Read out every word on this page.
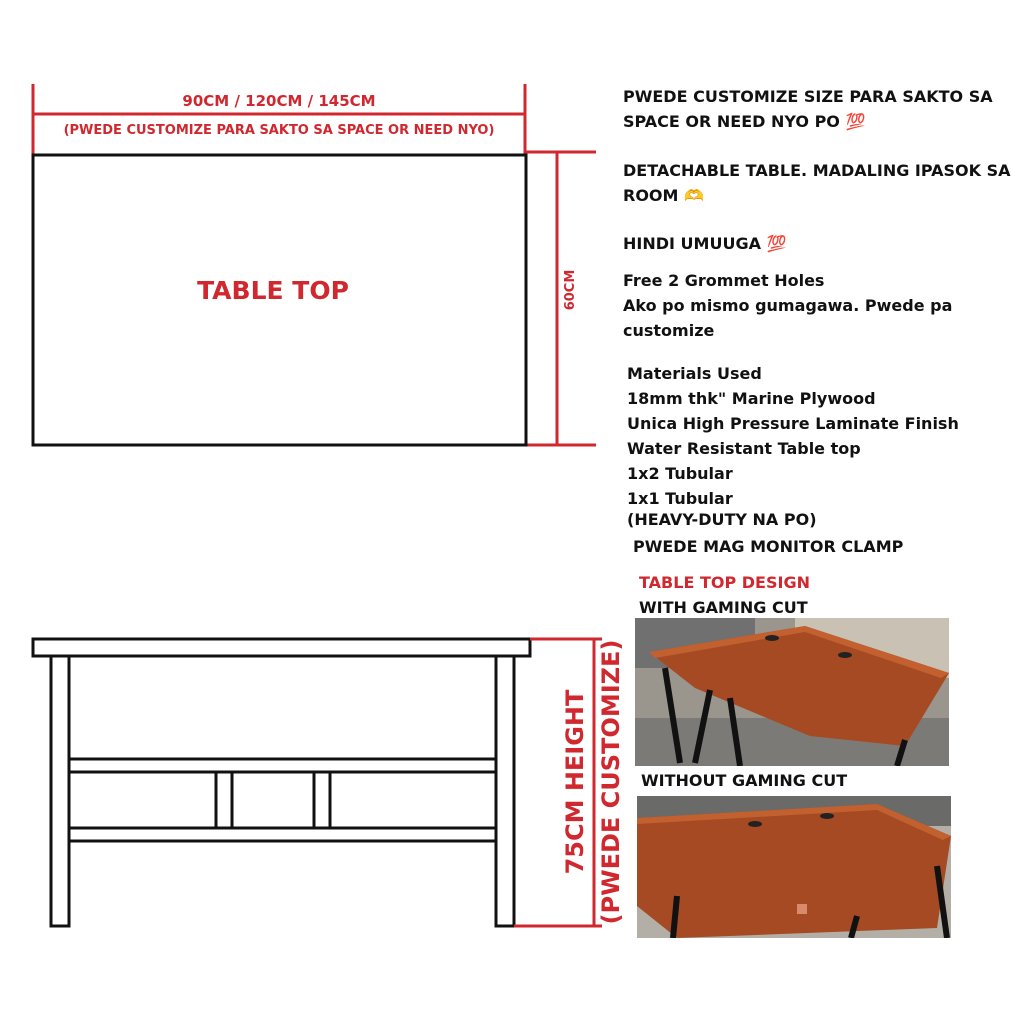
90CM / 120CM / 145CM
(PWEDE CUSTOMIZE PARA SAKTO SA SPACE OR NEED NYO)
TABLE TOP	60CM
75CM HEIGHT (PWEDE CUSTOMIZE)
PWEDE CUSTOMIZE SIZE PARA SAKTO SA SPACE OR NEED NYO PO 💯
DETACHABLE TABLE. MADALING IPASOK SA ROOM 🫶
HINDI UMUUGA 💯
Free 2 Grommet Holes
Ako po mismo gumagawa. Pwede pa customize
Materials Used
18mm thk" Marine Plywood
Unica High Pressure Laminate Finish
Water Resistant Table top
1x2 Tubular
1x1 Tubular
(HEAVY-DUTY NA PO)
PWEDE MAG MONITOR CLAMP
TABLE TOP DESIGN
WITH GAMING CUT
WITHOUT GAMING CUT
